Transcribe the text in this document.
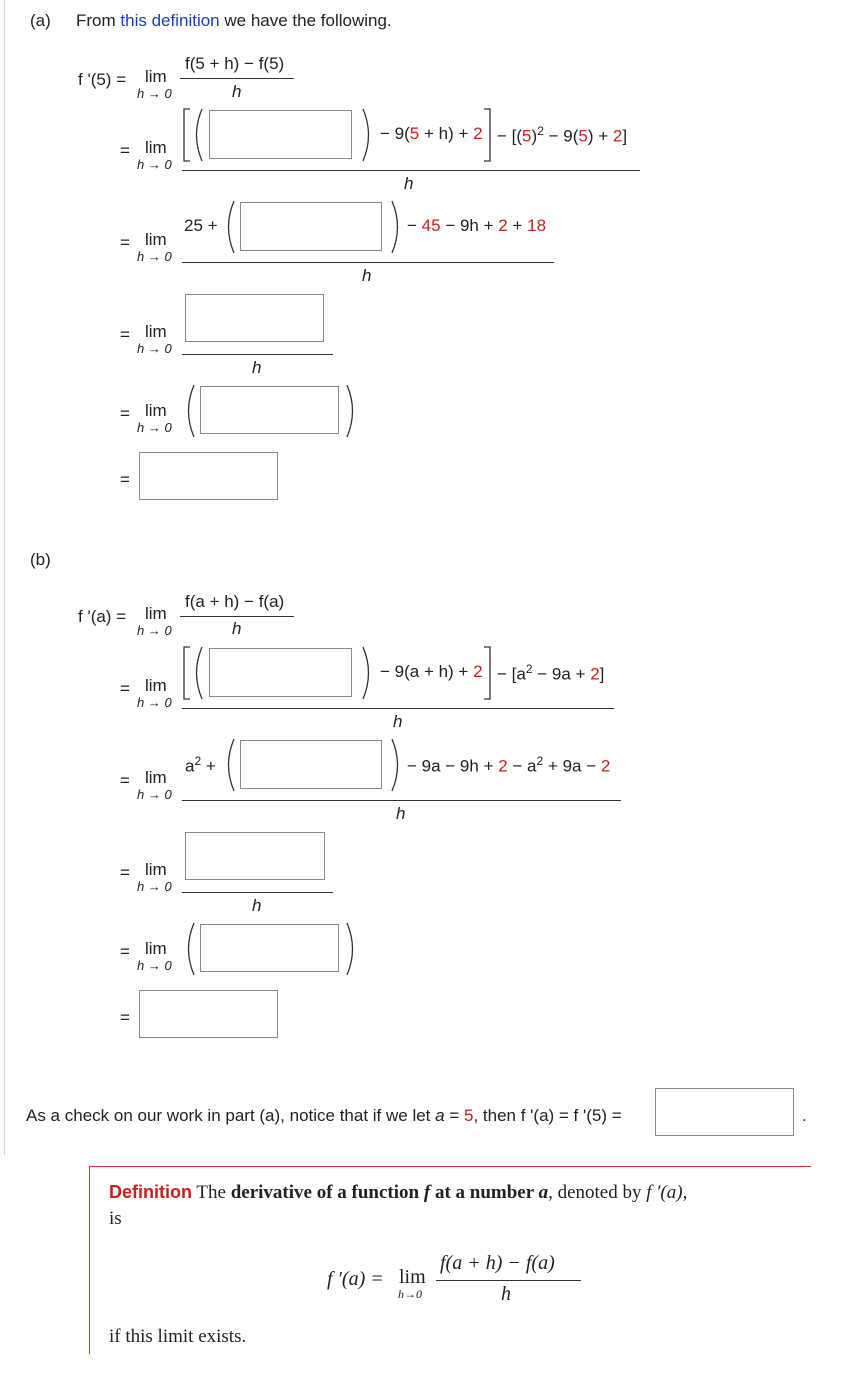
(a) From this definition we have the following.
f '(5) = lim
h → 0
f(5 + h) − f(5)
h
= lim
h → 0
− $9(5 + h) + 2 - [(5)^2 - 9(5) + 2]$
h
= lim
h → 0
25 +	− 45 − 9h + 2 + 18
h
= lim
h → 0
h
= lim
h → 0
=
(b)
f '(a) = lim
h → 0
f(a + h) − f(a)
h
= lim
h → 0
− $9(a + h) + 2 - [a^2 - 9a + 2]$
h
= lim
h → 0
$a^2$ +	− $9a - 9h + 2 - a^2 + 9a - 2$
h
= lim
h → 0
h
= lim
h → 0
=
As a check on our work in part (a), notice that if we let a = 5, then f '(a) = f '(5) =	.
Definition The derivative of a function f at a number a, denoted by f ′(a),
is
f ′(a) = lim
h→0
f(a + h) − f(a)
h
if this limit exists.
